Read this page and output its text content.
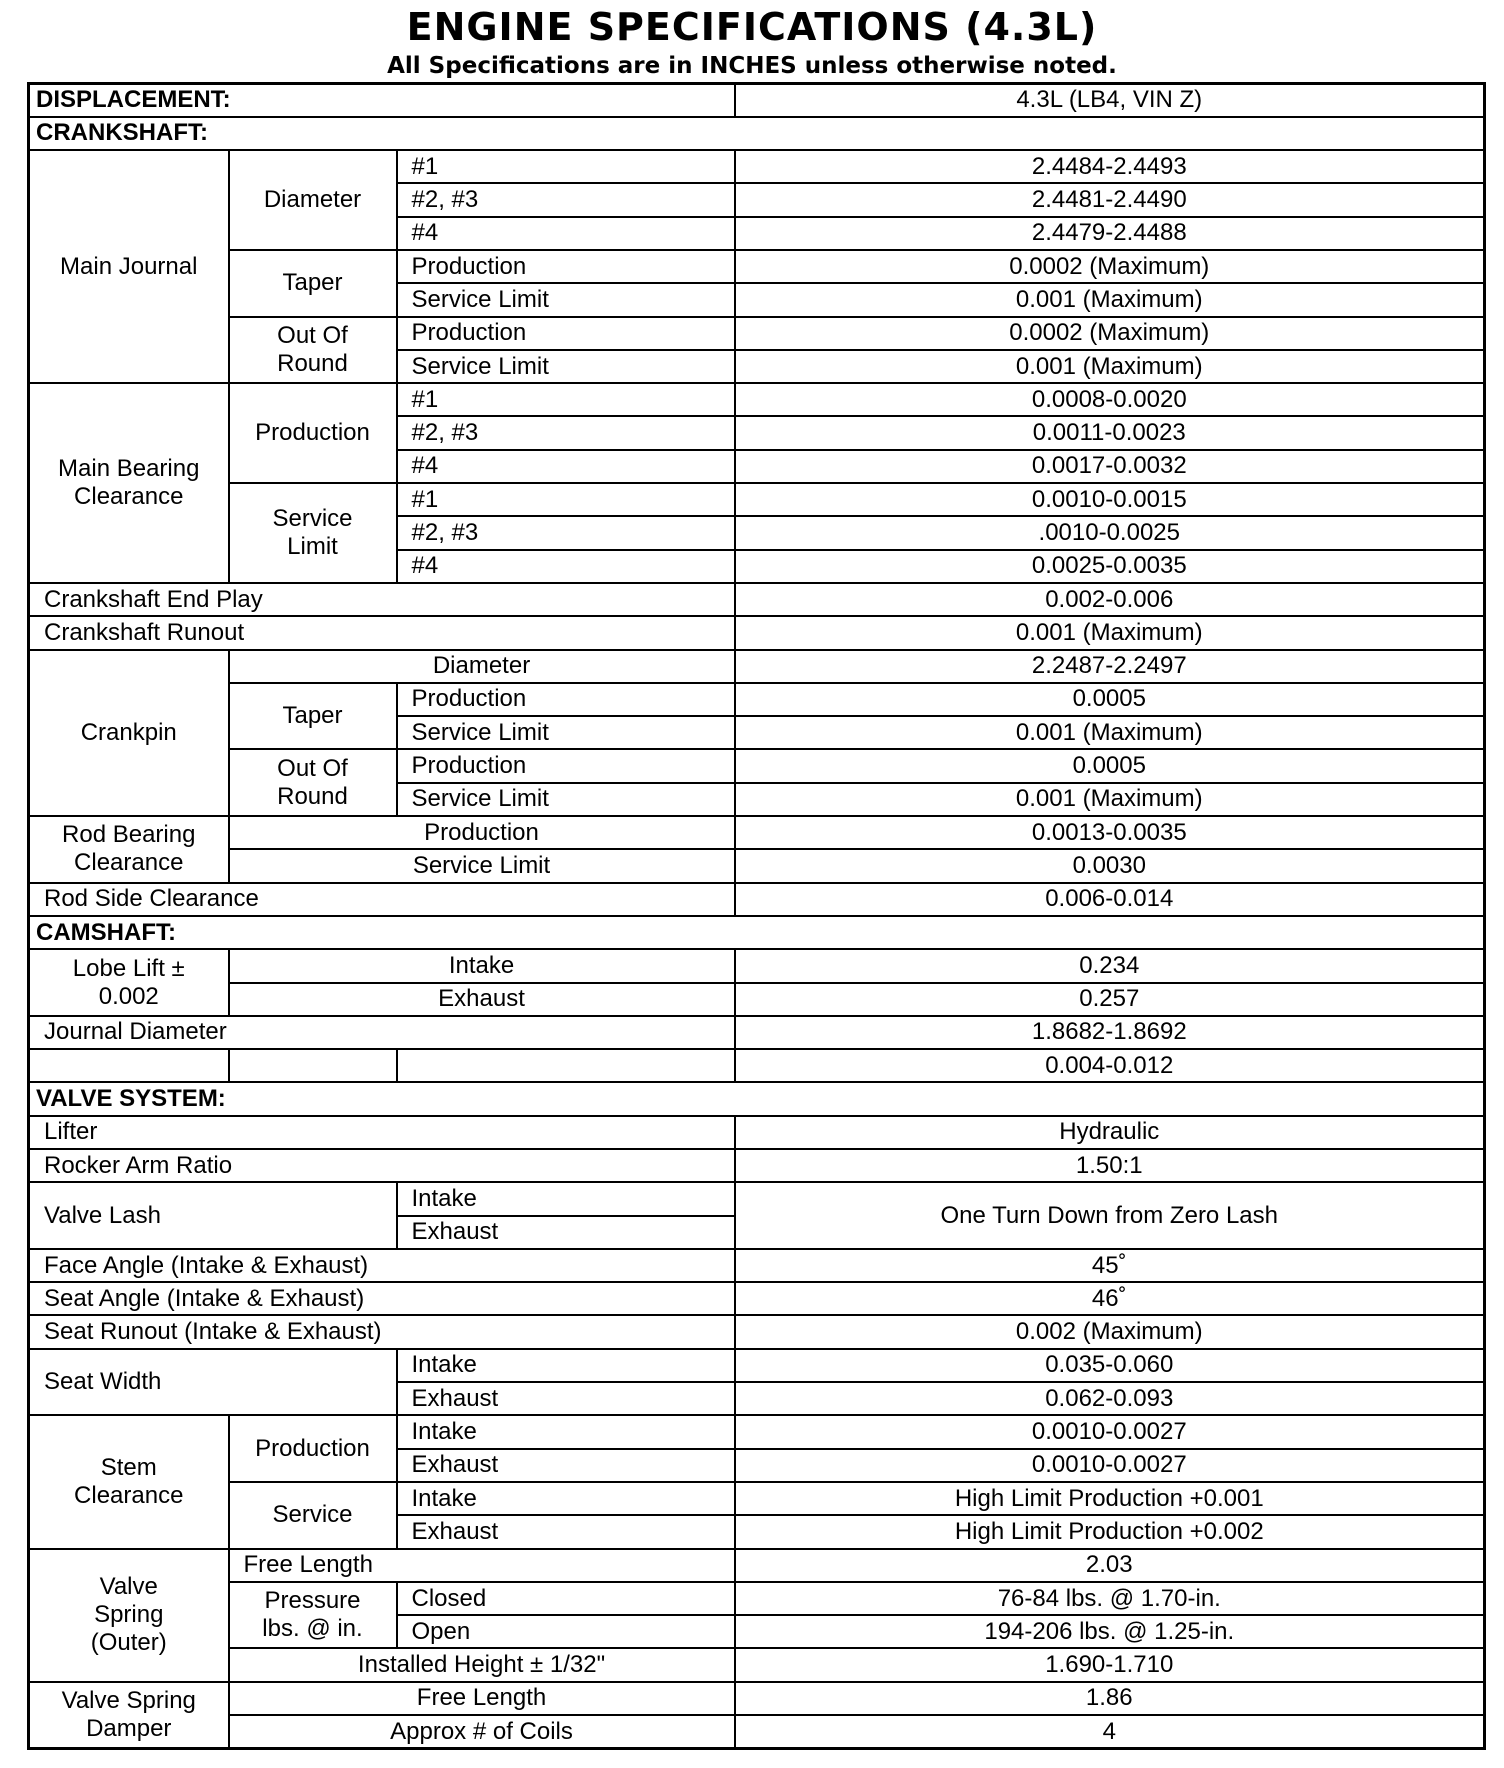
ENGINE SPECIFICATIONS (4.3L)
All Specifications are in INCHES unless otherwise noted.
DISPLACEMENT:			4.3L (LB4, VIN Z)
CRANKSHAFT:			
Main Journal	Diameter	#1	2.4484-2.4493
		#2, #3	2.4481-2.4490
		#4	2.4479-2.4488
	Taper	Production	0.0002 (Maximum)
		Service Limit	0.001 (Maximum)
	Out Of Round	Production	0.0002 (Maximum)
		Service Limit	0.001 (Maximum)
Main Bearing Clearance	Production	#1	0.0008-0.0020
		#2, #3	0.0011-0.0023
		#4	0.0017-0.0032
	Service Limit	#1	0.0010-0.0015
		#2, #3	.0010-0.0025
		#4	0.0025-0.0035
Crankshaft End Play			0.002-0.006
Crankshaft Runout			0.001 (Maximum)
Crankpin	Diameter		2.2487-2.2497
	Taper	Production	0.0005
		Service Limit	0.001 (Maximum)
	Out Of Round	Production	0.0005
		Service Limit	0.001 (Maximum)
Rod Bearing Clearance	Production		0.0013-0.0035
	Service Limit		0.0030
Rod Side Clearance			0.006-0.014
CAMSHAFT:			
Lobe Lift ± 0.002	Intake		0.234
	Exhaust		0.257
Journal Diameter			1.8682-1.8692
			0.004-0.012
VALVE SYSTEM:			
Lifter			Hydraulic
Rocker Arm Ratio			1.50:1
Valve Lash		Intake	One Turn Down from Zero Lash
		Exhaust	
Face Angle (Intake & Exhaust)			45˚
Seat Angle (Intake & Exhaust)			46˚
Seat Runout (Intake & Exhaust)			0.002 (Maximum)
Seat Width		Intake	0.035-0.060
		Exhaust	0.062-0.093
Stem Clearance	Production	Intake	0.0010-0.0027
		Exhaust	0.0010-0.0027
	Service	Intake	High Limit Production +0.001
		Exhaust	High Limit Production +0.002
Valve Spring (Outer)	Free Length		2.03
	Pressure lbs. @ in.	Closed	76-84 lbs. @ 1.70-in.
		Open	194-206 lbs. @ 1.25-in.
	Installed Height ± 1/32"		1.690-1.710
Valve Spring Damper	Free Length		1.86
	Approx # of Coils		4
